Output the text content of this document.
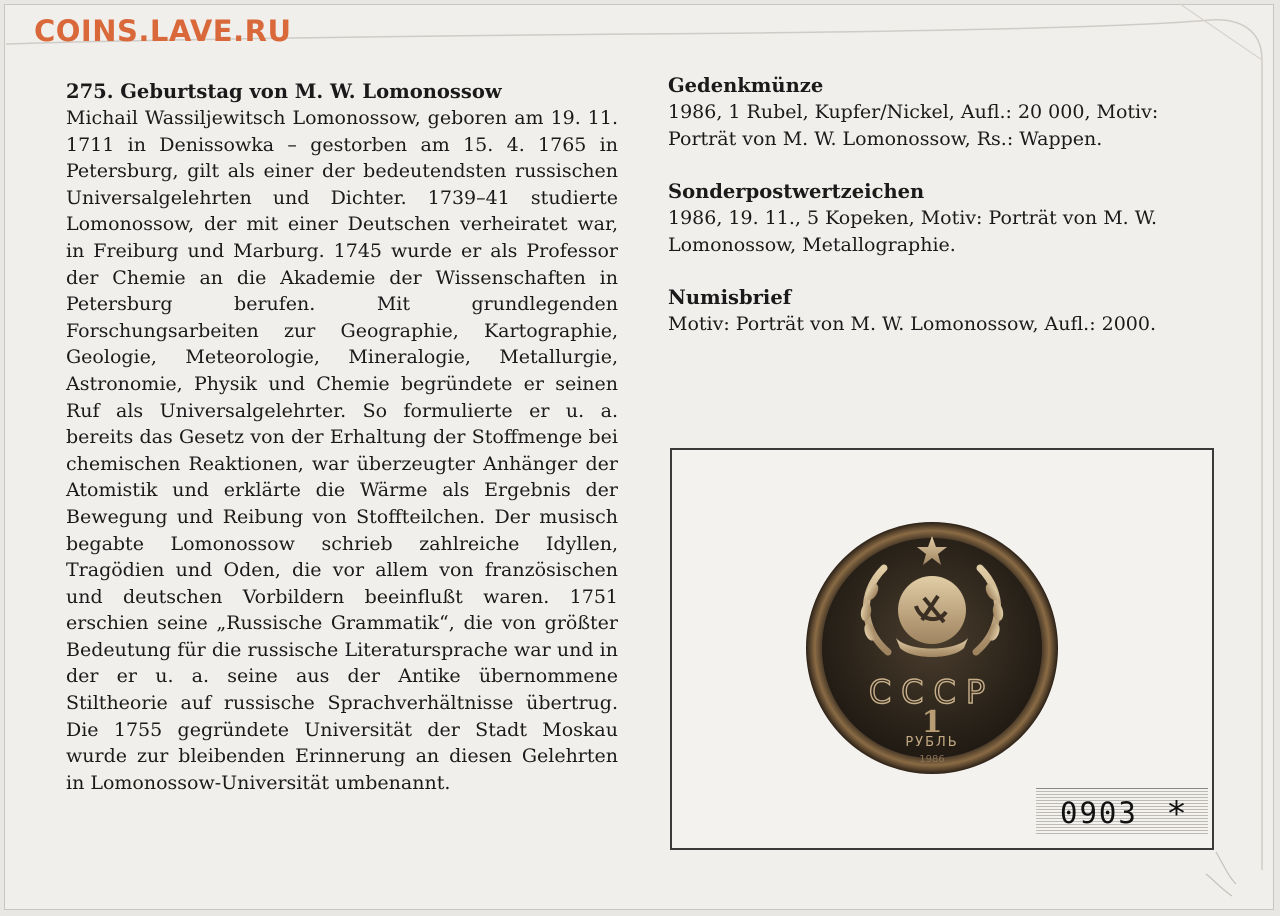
COINS.LAVE.RU
275. Geburtstag von M. W. Lomonossow

Michail Wassiljewitsch Lomonossow, geboren am 19. 11. 1711 in Denissowka – gestorben am 15. 4. 1765 in Petersburg, gilt als einer der bedeutendsten russischen Universalgelehrten und Dichter. 1739–41 studierte Lomonossow, der mit einer Deutschen verheiratet war, in Freiburg und Marburg. 1745 wurde er als Professor der Chemie an die Akademie der Wissenschaften in Petersburg berufen. Mit grundlegenden Forschungsarbeiten zur Geographie, Kartographie, Geologie, Meteorologie, Mineralogie, Metallurgie, Astronomie, Physik und Chemie begründete er seinen Ruf als Universalgelehrter. So formulierte er u. a. bereits das Gesetz von der Erhaltung der Stoffmenge bei chemischen Reaktionen, war überzeugter Anhänger der Atomistik und erklärte die Wärme als Ergebnis der Bewegung und Reibung von Stoffteilchen. Der musisch begabte Lomonossow schrieb zahlreiche Idyllen, Tragödien und Oden, die vor allem von französischen und deutschen Vorbildern beeinflußt waren. 1751 erschien seine „Russische Grammatik“, die von größter Bedeutung für die russische Literatursprache war und in der er u. a. seine aus der Antike übernommene Stiltheorie auf russische Sprachverhältnisse übertrug. Die 1755 gegründete Universität der Stadt Moskau wurde zur bleibenden Erinnerung an diesen Gelehrten in Lomonossow-Universität umbenannt.

Gedenkmünze

1986, 1 Rubel, Kupfer/Nickel, Aufl.: 20 000, Motiv: Porträt von M. W. Lomonossow, Rs.: Wappen.

Sonderpostwertzeichen

1986, 19. 11., 5 Kopeken, Motiv: Porträt von M. W. Lomonossow, Metallographie.

Numisbrief

Motiv: Porträt von M. W. Lomonossow, Aufl.: 2000.

СССР
1
РУБЛЬ
1986
0903 *
